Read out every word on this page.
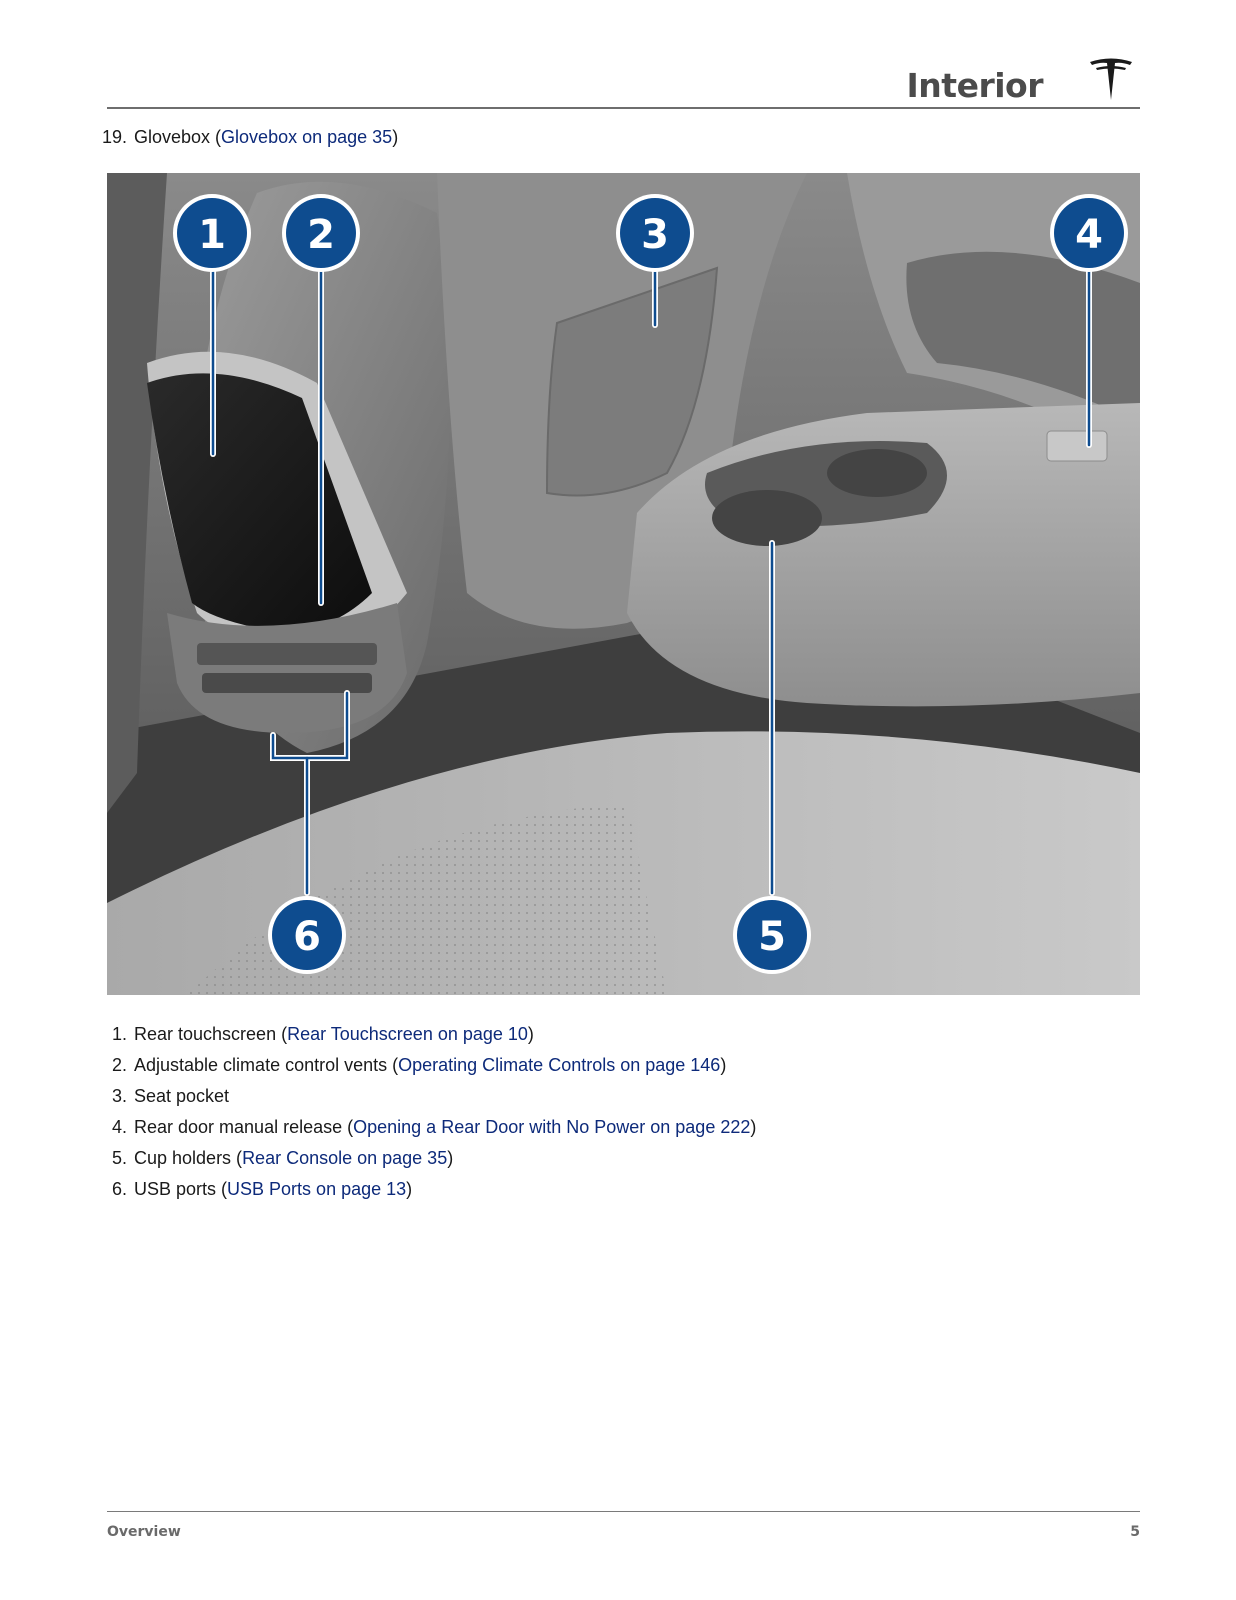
Interior
19. Glovebox (Glovebox on page 35)
1 2	3	4
5
6
1. Rear touchscreen (Rear Touchscreen on page 10)
2. Adjustable climate control vents (Operating Climate Controls on page 146)
3. Seat pocket
4. Rear door manual release (Opening a Rear Door with No Power on page 222)
5. Cup holders (Rear Console on page 35)
6. USB ports (USB Ports on page 13)
Overview	5
